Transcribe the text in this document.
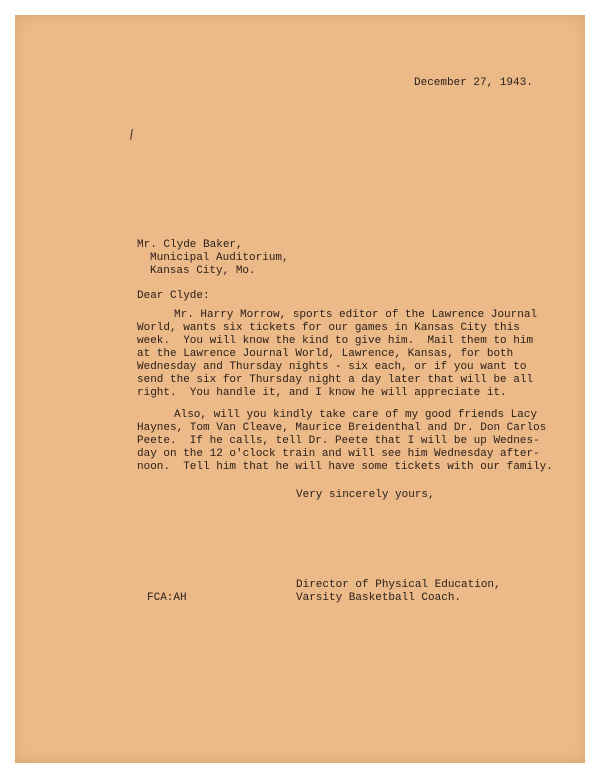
/

December 27, 1943.

Mr. Clyde Baker,

Municipal Auditorium,

Kansas City, Mo.

Dear Clyde:

Mr. Harry Morrow, sports editor of the Lawrence Journal

World, wants six tickets for our games in Kansas City this

week.  You will know the kind to give him.  Mail them to him

at the Lawrence Journal World, Lawrence, Kansas, for both

Wednesday and Thursday nights - six each, or if you want to

send the six for Thursday night a day later that will be all

right.  You handle it, and I know he will appreciate it.

Also, will you kindly take care of my good friends Lacy

Haynes, Tom Van Cleave, Maurice Breidenthal and Dr. Don Carlos

Peete.  If he calls, tell Dr. Peete that I will be up Wednes-

day on the 12 o'clock train and will see him Wednesday after-

noon.  Tell him that he will have some tickets with our family.

Very sincerely yours,

FCA:AH

Director of Physical Education,

Varsity Basketball Coach.
